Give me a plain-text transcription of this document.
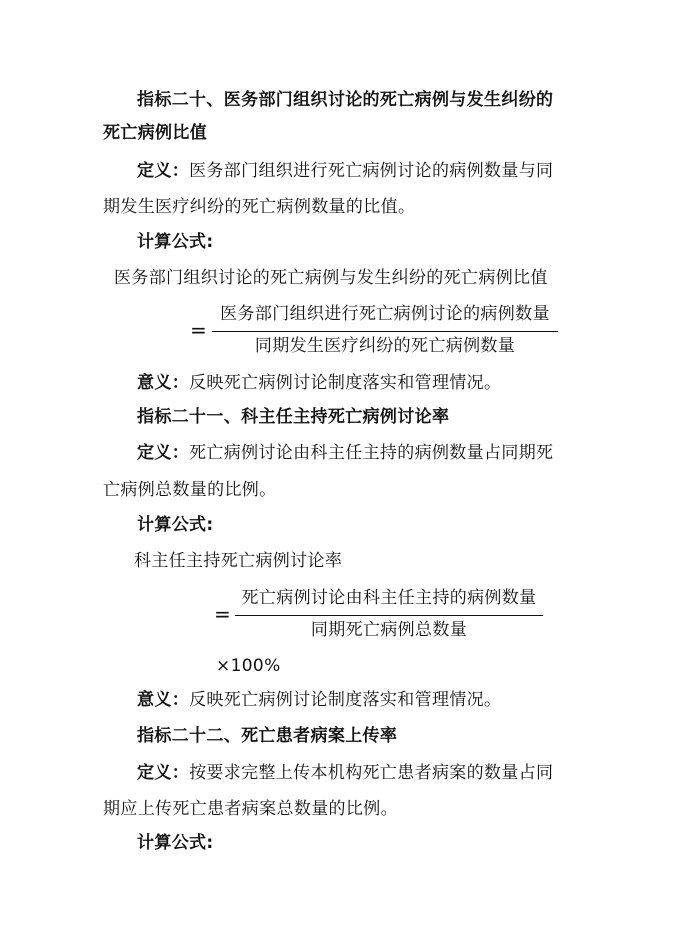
指标二十、医务部门组织讨论的死亡病例与发生纠纷的
死亡病例比值
定义：医务部门组织进行死亡病例讨论的病例数量与同
期发生医疗纠纷的死亡病例数量的比值。
计算公式:
医务部门组织讨论的死亡病例与发生纠纷的死亡病例比值
=
医务部门组织进行死亡病例讨论的病例数量
同期发生医疗纠纷的死亡病例数量
意义：反映死亡病例讨论制度落实和管理情况。
指标二十一、科主任主持死亡病例讨论率
定义：死亡病例讨论由科主任主持的病例数量占同期死
亡病例总数量的比例。
计算公式:
科主任主持死亡病例讨论率
=
死亡病例讨论由科主任主持的病例数量
同期死亡病例总数量
×100%
意义：反映死亡病例讨论制度落实和管理情况。
指标二十二、死亡患者病案上传率
定义：按要求完整上传本机构死亡患者病案的数量占同
期应上传死亡患者病案总数量的比例。
计算公式:
